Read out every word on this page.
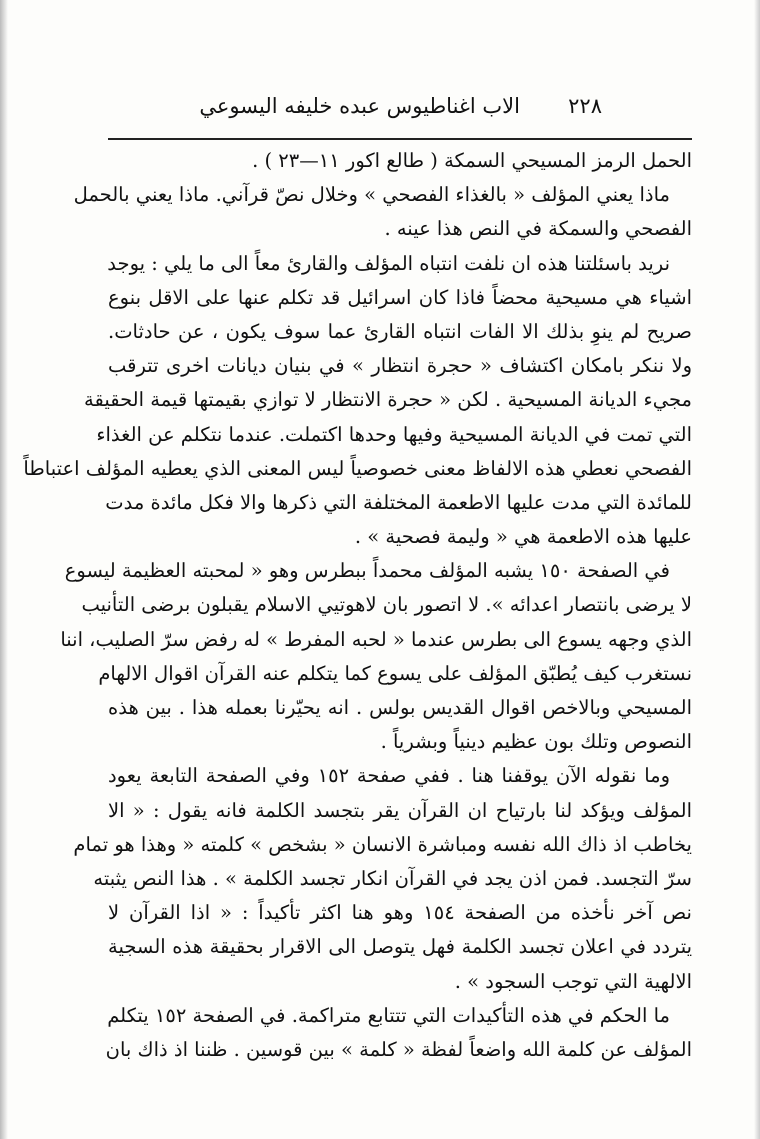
٢٢٨
الاب اغناطيوس عبده خليفه اليسوعي
الحمل الرمز المسيحي السمكة ( طالع اكور ١١—٢٣ ) .
ماذا يعني المؤلف « بالغذاء الفصحي » وخلال نصّ قرآني. ماذا يعني بالحمل
الفصحي والسمكة في النص هذا عينه .
نريد باسئلتنا هذه ان نلفت انتباه المؤلف والقارئ معاً الى ما يلي : يوجد
اشياء هي مسيحية محضاً فاذا كان اسرائيل قد تكلم عنها على الاقل بنوع
صريح لم ينوِ بذلك الا الفات انتباه القارئ عما سوف يكون ، عن حادثات.
ولا ننكر بامكان اكتشاف « حجرة انتظار » في بنيان ديانات اخرى تترقب
مجيء الديانة المسيحية . لكن « حجرة الانتظار لا توازي بقيمتها قيمة الحقيقة
التي تمت في الديانة المسيحية وفيها وحدها اكتملت. عندما نتكلم عن الغذاء
الفصحي نعطي هذه الالفاظ معنى خصوصياً ليس المعنى الذي يعطيه المؤلف اعتباطاً
للمائدة التي مدت عليها الاطعمة المختلفة التي ذكرها والا فكل مائدة مدت
عليها هذه الاطعمة هي « وليمة فصحية » .
في الصفحة ١٥٠ يشبه المؤلف محمداً ببطرس وهو « لمحبته العظيمة ليسوع
لا يرضى بانتصار اعدائه ». لا اتصور بان لاهوتيي الاسلام يقبلون برضى التأنيب
الذي وجهه يسوع الى بطرس عندما « لحبه المفرط » له رفض سرّ الصليب، اننا
نستغرب كيف يُطبّق المؤلف على يسوع كما يتكلم عنه القرآن اقوال الالهام
المسيحي وبالاخص اقوال القديس بولس . انه يحيّرنا بعمله هذا . بين هذه
النصوص وتلك بون عظيم دينياً وبشرياً .
وما نقوله الآن يوقفنا هنا . ففي صفحة ١٥٢ وفي الصفحة التابعة يعود
المؤلف ويؤكد لنا بارتياح ان القرآن يقر بتجسد الكلمة فانه يقول : « الا
يخاطب اذ ذاك الله نفسه ومباشرة الانسان « بشخص » كلمته « وهذا هو تمام
سرّ التجسد. فمن اذن يجد في القرآن انكار تجسد الكلمة » . هذا النص يثبته
نص آخر نأخذه من الصفحة ١٥٤ وهو هنا اكثر تأكيداً : « اذا القرآن لا
يتردد في اعلان تجسد الكلمة فهل يتوصل الى الاقرار بحقيقة هذه السجية
الالهية التي توجب السجود » .
ما الحكم في هذه التأكيدات التي تتتابع متراكمة. في الصفحة ١٥٢ يتكلم
المؤلف عن كلمة الله واضعاً لفظة « كلمة » بين قوسين . ظننا اذ ذاك بان
